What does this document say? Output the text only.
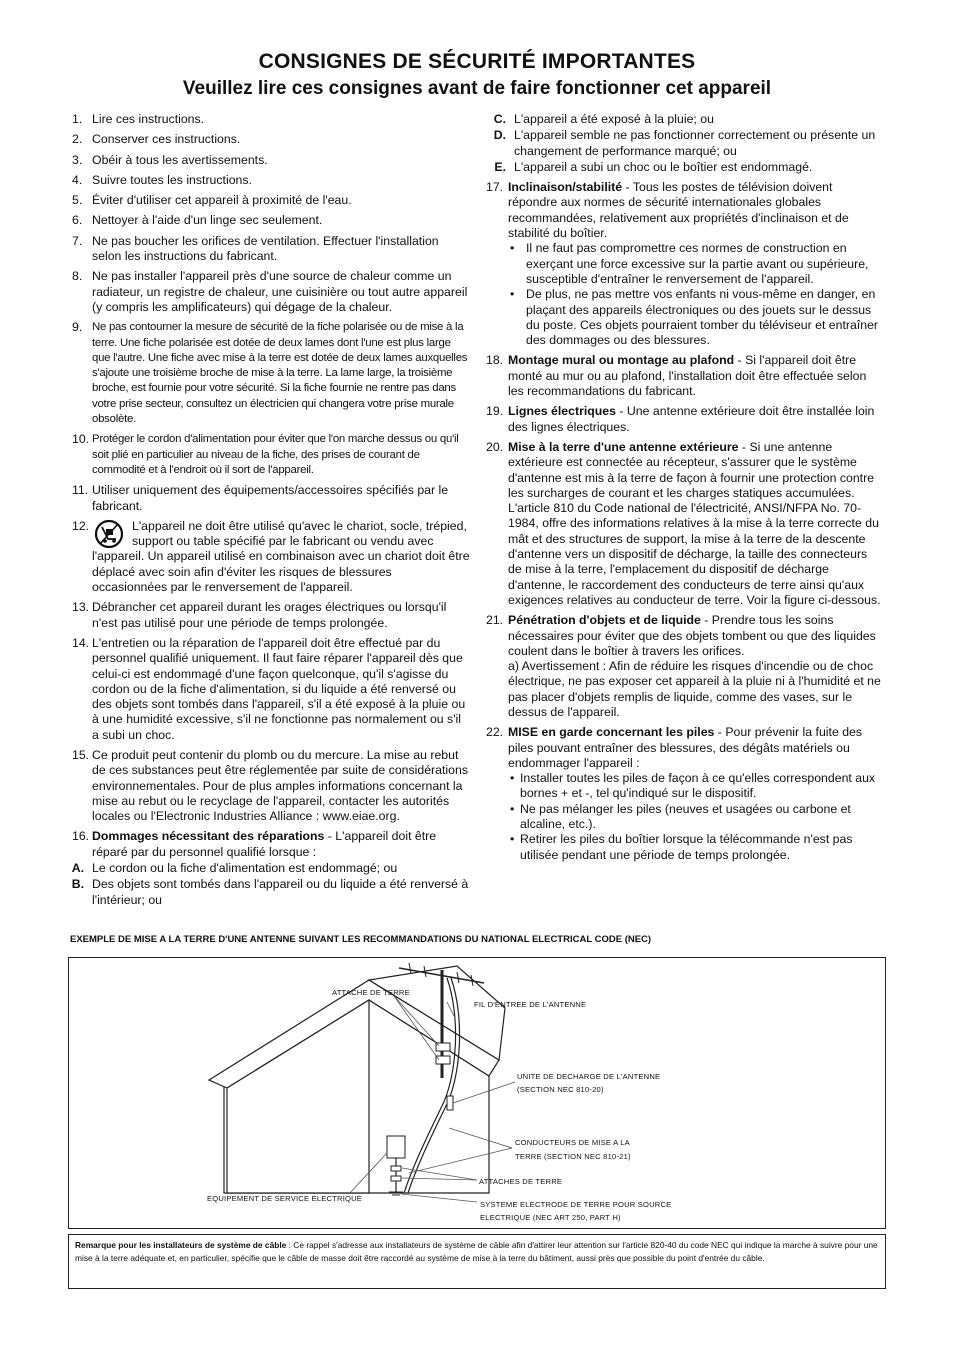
CONSIGNES DE SÉCURITÉ IMPORTANTES
Veuillez lire ces consignes avant de faire fonctionner cet appareil
1. Lire ces instructions.
2. Conserver ces instructions.
3. Obéir à tous les avertissements.
4. Suivre toutes les instructions.
5. Éviter d'utiliser cet appareil à proximité de l'eau.
6. Nettoyer à l'aide d'un linge sec seulement.
7. Ne pas boucher les orifices de ventilation. Effectuer l'installation selon les instructions du fabricant.
8. Ne pas installer l'appareil près d'une source de chaleur comme un radiateur, un registre de chaleur, une cuisinière ou tout autre appareil (y compris les amplificateurs) qui dégage de la chaleur.
9. Ne pas contourner la mesure de sécurité de la fiche polarisée ou de mise à la terre. Une fiche polarisée est dotée de deux lames dont l'une est plus large que l'autre. Une fiche avec mise à la terre est dotée de deux lames auxquelles s'ajoute une troisième broche de mise à la terre. La lame large, la troisième broche, est fournie pour votre sécurité. Si la fiche fournie ne rentre pas dans votre prise secteur, consultez un électricien qui changera votre prise murale obsolète.
10. Protéger le cordon d'alimentation pour éviter que l'on marche dessus ou qu'il soit plié en particulier au niveau de la fiche, des prises de courant de commodité et à l'endroit où il sort de l'appareil.
11. Utiliser uniquement des équipements/accessoires spécifiés par le fabricant.
12.	L'appareil ne doit être utilisé qu'avec le chariot, socle, trépied, support ou table spécifié par le fabricant ou vendu avec l'appareil. Un appareil utilisé en combinaison avec un chariot doit être déplacé avec soin afin d'éviter les risques de blessures occasionnées par le renversement de l'appareil.
13. Débrancher cet appareil durant les orages électriques ou lorsqu'il n'est pas utilisé pour une période de temps prolongée.
14. L'entretien ou la réparation de l'appareil doit être effectué par du personnel qualifié uniquement. Il faut faire réparer l'appareil dès que celui-ci est endommagé d'une façon quelconque, qu'il s'agisse du cordon ou de la fiche d'alimentation, si du liquide a été renversé ou des objets sont tombés dans l'appareil, s'il a été exposé à la pluie ou à une humidité excessive, s'il ne fonctionne pas normalement ou s'il a subi un choc.
15. Ce produit peut contenir du plomb ou du mercure. La mise au rebut de ces substances peut être réglementée par suite de considérations environnementales. Pour de plus amples informations concernant la mise au rebut ou le recyclage de l'appareil, contacter les autorités locales ou l'Electronic Industries Alliance : www.eiae.org.
16. Dommages nécessitant des réparations - L'appareil doit être réparé par du personnel qualifié lorsque :
A. Le cordon ou la fiche d'alimentation est endommagé; ou
B. Des objets sont tombés dans l'appareil ou du liquide a été renversé à l'intérieur; ou
C. L'appareil a été exposé à la pluie; ou
D. L'appareil semble ne pas fonctionner correctement ou présente un changement de performance marqué; ou
E. L'appareil a subi un choc ou le boîtier est endommagé.
17. Inclinaison/stabilité - Tous les postes de télévision doivent répondre aux normes de sécurité internationales globales recommandées, relativement aux propriétés d'inclinaison et de stabilité du boîtier.
• Il ne faut pas compromettre ces normes de construction en exerçant une force excessive sur la partie avant ou supérieure, susceptible d'entraîner le renversement de l'appareil.
• De plus, ne pas mettre vos enfants ni vous-même en danger, en plaçant des appareils électroniques ou des jouets sur le dessus du poste. Ces objets pourraient tomber du téléviseur et entraîner des dommages ou des blessures.
18. Montage mural ou montage au plafond - Si l'appareil doit être monté au mur ou au plafond, l'installation doit être effectuée selon les recommandations du fabricant.
19. Lignes électriques - Une antenne extérieure doit être installée loin des lignes électriques.
20. Mise à la terre d'une antenne extérieure - Si une antenne extérieure est connectée au récepteur, s'assurer que le système d'antenne est mis à la terre de façon à fournir une protection contre les surcharges de courant et les charges statiques accumulées.
L'article 810 du Code national de l'électricité, ANSI/NFPA No. 70-1984, offre des informations relatives à la mise à la terre correcte du mât et des structures de support, la mise à la terre de la descente d'antenne vers un dispositif de décharge, la taille des connecteurs de mise à la terre, l'emplacement du dispositif de décharge d'antenne, le raccordement des conducteurs de terre ainsi qu'aux exigences relatives au conducteur de terre. Voir la figure ci-dessous.
21. Pénétration d'objets et de liquide - Prendre tous les soins nécessaires pour éviter que des objets tombent ou que des liquides coulent dans le boîtier à travers les orifices.
a) Avertissement : Afin de réduire les risques d'incendie ou de choc électrique, ne pas exposer cet appareil à la pluie ni à l'humidité et ne pas placer d'objets remplis de liquide, comme des vases, sur le dessus de l'appareil.
22. MISE en garde concernant les piles - Pour prévenir la fuite des piles pouvant entraîner des blessures, des dégâts matériels ou endommager l'appareil :
• Installer toutes les piles de façon à ce qu'elles correspondent aux bornes + et -, tel qu'indiqué sur le dispositif.
• Ne pas mélanger les piles (neuves et usagées ou carbone et alcaline, etc.).
• Retirer les piles du boîtier lorsque la télécommande n'est pas utilisée pendant une période de temps prolongée.
EXEMPLE DE MISE A LA TERRE D'UNE ANTENNE SUIVANT LES RECOMMANDATIONS DU NATIONAL ELECTRICAL CODE (NEC)
ATTACHE DE TERRE
FIL D'ENTREE DE L'ANTENNE
UNITE DE DECHARGE DE L'ANTENNE
(SECTION NEC 810-20)
CONDUCTEURS DE MISE A LA
TERRE (SECTION NEC 810-21)
ATTACHES DE TERRE
EQUIPEMENT DE SERVICE ELECTRIQUE
SYSTEME ELECTRODE DE TERRE POUR SOURCE
ELECTRIQUE (NEC ART 250, PART H)
Remarque pour les installateurs de système de câble : Ce rappel s'adresse aux installateurs de système de câble afin d'attirer leur attention sur l'article 820-40 du code NEC qui indique la marche à suivre pour une mise à la terre adéquate et, en particulier, spécifie que le câble de masse doit être raccordé au système de mise à la terre du bâtiment, aussi près que possible du point d'entrée du câble.
